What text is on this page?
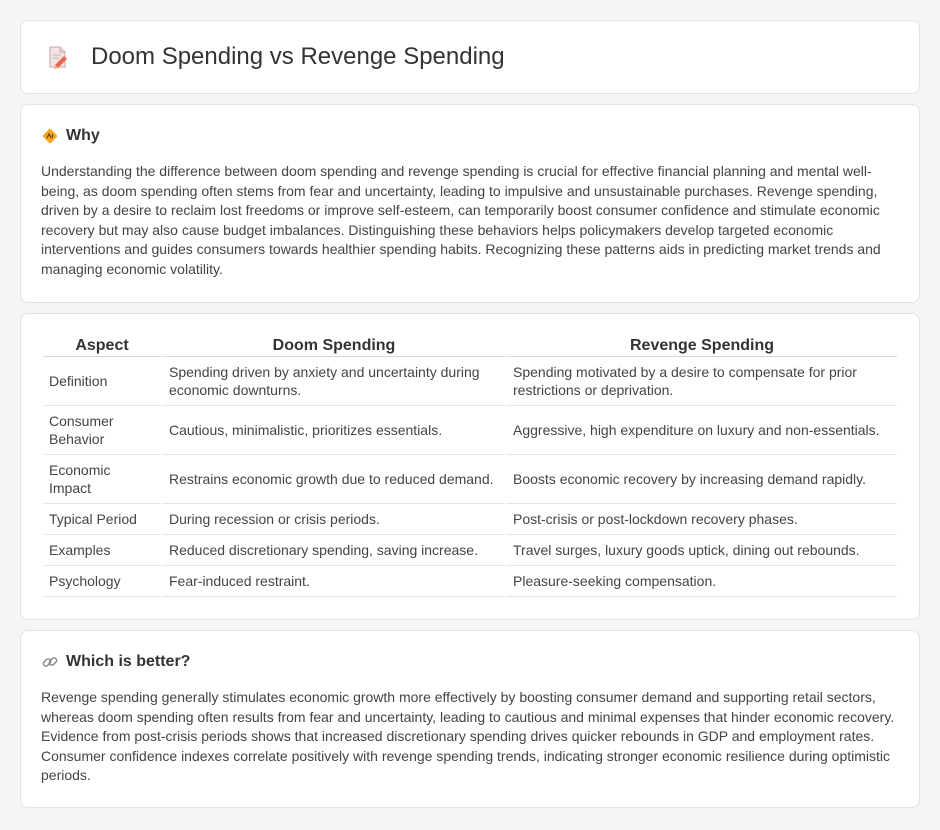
Doom Spending vs Revenge Spending
Why

Understanding the difference between doom spending and revenge spending is crucial for effective financial planning and mental well-being, as doom spending often stems from fear and uncertainty, leading to impulsive and unsustainable purchases. Revenge spending, driven by a desire to reclaim lost freedoms or improve self-esteem, can temporarily boost consumer confidence and stimulate economic recovery but may also cause budget imbalances. Distinguishing these behaviors helps policymakers develop targeted economic interventions and guides consumers towards healthier spending habits. Recognizing these patterns aids in predicting market trends and managing economic volatility.

Aspect	Doom Spending	Revenge Spending
Definition	Spending driven by anxiety and uncertainty during economic downturns.	Spending motivated by a desire to compensate for prior restrictions or deprivation.
Consumer Behavior	Cautious, minimalistic, prioritizes essentials.	Aggressive, high expenditure on luxury and non-essentials.
Economic Impact	Restrains economic growth due to reduced demand.	Boosts economic recovery by increasing demand rapidly.
Typical Period	During recession or crisis periods.	Post-crisis or post-lockdown recovery phases.
Examples	Reduced discretionary spending, saving increase.	Travel surges, luxury goods uptick, dining out rebounds.
Psychology	Fear-induced restraint.	Pleasure-seeking compensation.
Which is better?

Revenge spending generally stimulates economic growth more effectively by boosting consumer demand and supporting retail sectors, whereas doom spending often results from fear and uncertainty, leading to cautious and minimal expenses that hinder economic recovery. Evidence from post-crisis periods shows that increased discretionary spending drives quicker rebounds in GDP and employment rates. Consumer confidence indexes correlate positively with revenge spending trends, indicating stronger economic resilience during optimistic periods.
